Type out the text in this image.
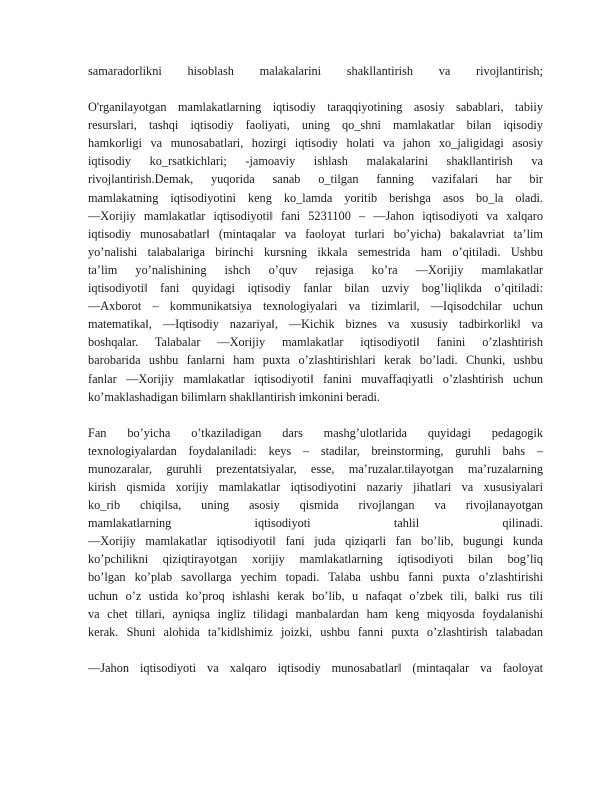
samaradorlikni hisoblash malakalarini shakllantirish va rivojlantirish;
O'rganilayotgan mamlakatlarning iqtisodiy taraqqiyotining asosiy sabablari, tabiiy
resurslari, tashqi iqtisodiy faoliyati, uning qo_shni mamlakatlar bilan iqisodiy
hamkorligi va munosabatlari, hozirgi iqtisodiy holati va jahon xo_jaligidagi asosiy
iqtisodiy ko_rsatkichlari; -jamoaviy ishlash malakalarini shakllantirish va
rivojlantirish.Demak, yuqorida sanab o_tilgan fanning vazifalari har bir
mamlakatning iqtisodiyotini keng ko_lamda yoritib berishga asos bo_la oladi.
―Xorijiy mamlakatlar iqtisodiyoti‖ fani 5231100 – ―Jahon iqtisodiyoti va xalqaro
iqtisodiy munosabatlar‖ (mintaqalar va faoloyat turlari bo’yicha) bakalavriat ta’lim
yo’nalishi talabalariga birinchi kursning ikkala semestrida ham o’qitiladi. Ushbu
ta’lim yo’nalishining ishch o’quv rejasiga ko’ra ―Xorijiy mamlakatlar
iqtisodiyoti‖ fani quyidagi iqtisodiy fanlar bilan uzviy bog’liqlikda o’qitiladi:
―Axborot – kommunikatsiya texnologiyalari va tizimlari‖, ―Iqisodchilar uchun
matematika‖, ―Iqtisodiy nazariya‖, ―Kichik biznes va xususiy tadbirkorlik‖ va
boshqalar. Talabalar ―Xorijiy mamlakatlar iqtisodiyoti‖ fanini o’zlashtirish
barobarida ushbu fanlarni ham puxta o’zlashtirishlari kerak bo’ladi. Chunki, ushbu
fanlar ―Xorijiy mamlakatlar iqtisodiyoti‖ fanini muvaffaqiyatli o’zlashtirish uchun
ko’maklashadigan bilimlarn shakllantirish imkonini beradi.
Fan bo’yicha o’tkaziladigan dars mashg’ulotlarida quyidagi pedagogik
texnologiyalardan foydalaniladi: keys – stadilar, breinstorming, guruhli bahs –
munozaralar, guruhli prezentatsiyalar, esse, ma’ruzalar.tilayotgan ma’ruzalarning
kirish qismida xorijiy mamlakatlar iqtisodiyotini nazariy jihatlari va xususiyalari
ko_rib chiqilsa, uning asosiy qismida rivojlangan va rivojlanayotgan
mamlakatlarning iqtisodiyoti tahlil qilinadi.
―Xorijiy mamlakatlar iqtisodiyoti‖ fani juda qiziqarli fan bo’lib, bugungi kunda
ko’pchilikni qiziqtirayotgan xorijiy mamlakatlarning iqtisodiyoti bilan bog’liq
bo’lgan ko’plab savollarga yechim topadi. Talaba ushbu fanni puxta o’zlashtirishi
uchun o’z ustida ko’proq ishlashi kerak bo’lib, u nafaqat o’zbek tili, balki rus tili
va chet tillari, ayniqsa ingliz tilidagi manbalardan ham keng miqyosda foydalanishi
kerak. Shuni alohida ta’kidlshimiz joizki, ushbu fanni puxta o’zlashtirish talabadan
―Jahon iqtisodiyoti va xalqaro iqtisodiy munosabatlar‖ (mintaqalar va faoloyat
